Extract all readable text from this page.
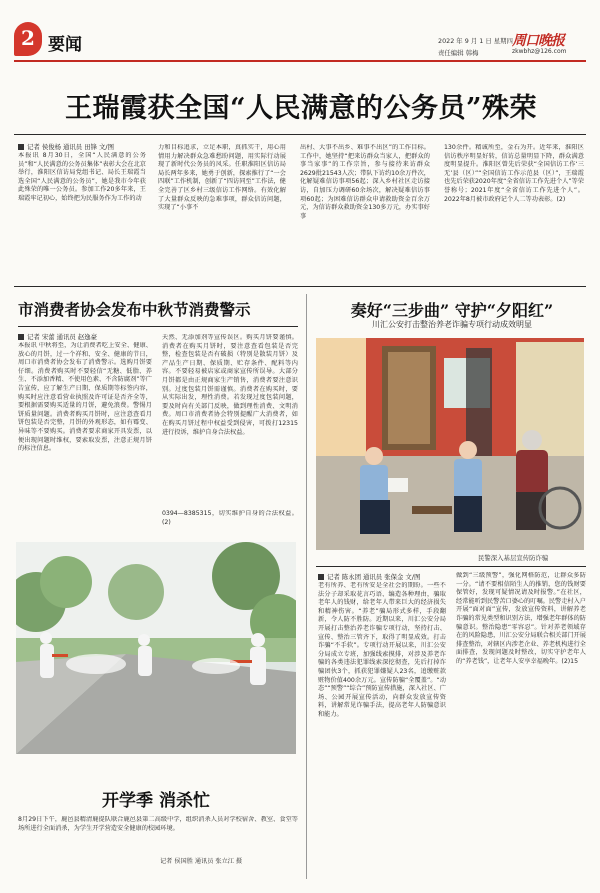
2 要闻	2022 年 9 月 1 日 星期四
责任编辑 韩梅
周口晚报
zkwbhz@126.com
王瑞霞获全国“人民满意的公务员”殊荣
记者 侯俊杨 通讯员 田锋 文/图
本报讯 8月30日，全国“人民满意的公务员”和“人民满意的公务员集体”表彰大会在北京举行，淮阳区信访局党组书记、局长王瑞霞当选全国“人民满意的公务员”，她是我市今年获此殊荣的唯一公务员。参加工作20多年来，王瑞霞牢记初心，始终把为民服务作为工作的动
力和目标追求，立足本职，真抓实干，用心用情用力解决群众急难愁盼问题，用实际行动展现了新时代公务员的风采。任职淮阳区信访局局长两年多来，她勇于创新，探索推行了“一会四联”工作机制，创新了“四访同至”工作法，健全完善了区乡村三级信访工作网络。有效化解了大量群众反映的急难事项，群众信访问题，实现了“小事不
出村、大事不出乡、难事不出区”的工作目标。工作中，她坚持“把来访群众当家人，把群众的事当家事”的工作宗旨，参与接待来访群众2629批21543人次；带队下访约10余万件次，化解疑难信访事项56起；深入乡村社区走访接访，自加压力调研60余场次，解决疑难信访事项60起；为困难信访群众申请救助资金百余万元，为信访群众救助资金130多万元，办实事好事
130余件。精诚所至，金石为开。近年来，淮阳区信访秩序明显好转，信访总量明显下降，群众满意度明显提升。淮阳区曾先后荣获“全国信访工作‘三无’县（区）”“全国信访工作示范县（区）”，王瑞霞也先后荣获2020年度“全省信访工作先进个人”等荣誉称号；2021年度“全省信访工作先进个人”。2022年8月被市政府记个人二等功表彰。(2)
市消费者协会发布中秋节消费警示
记者 宋蕾 通讯员 赵逸豪
本报讯 中秋将至，为让消费者吃上安全、健康、放心的月饼，过一个祥和、安全、健康的节日，周口市消费者协会发布了消费警示。选购月饼要仔细。消费者购买时不要轻信“无糖、低脂、养生、不添加香精、不使用色素、不含防腐剂”等广告宣传，应了解生产日期、保质期等标签内容，购买时应注意看营业执照及许可证是否齐全等，要根据需要购买适量的月饼，避免浪费。警惕月饼质量问题。消费者购买月饼时，应注意查看月饼包装是否完整，月饼的外观形态，如有霉变、异味等不要购买。消费者要求商家开具发票，以便出现问题时维权，要索取发票，注意正规月饼的标注信息。
天然、无添加剂等宣传误区。购买月饼要谨慎。消费者在购买月饼时，要注意查看包装是否完整，检查包装是否有破损（特别是散装月饼）及产品生产日期、保质期、贮存条件、配料等内容。不要轻易被店家或商家宣传所误导。大部分月饼都是由正规商家生产销售，消费者要注意识别。过度包装月饼需谨慎。消费者在购买时，要从实际出发，理性消费。若发现过度包装问题，要及时向有关部门反映，做到理性消费、文明消费。周口市消费者协会特别提醒广大消费者，如在购买月饼过程中权益受到侵害，可拨打12315进行投诉，维护自身合法权益。
0394—8385315，切实维护自身的合法权益。(2)
奏好“三步曲” 守护“夕阳红”
川汇公安打击整治养老诈骗专项行动成效明显
民警深入基层宣传防诈骗
记者 陈永团 通讯员 张保金 文/图
老有所养、老有所安是全社会的期盼。一些不法分子却采取花言巧语、编造各种理由，骗取老年人的钱财，给老年人带来巨大的经济损失和精神伤害。“养老”骗局形式多样，手段翻新，令人防不胜防。近期以来，川汇公安分局开展打击整治养老诈骗专项行动，坚持打击、宣传、整治三管齐下，取得了明显成效。打击诈骗“不手软”。专项行动开展以来，川汇公安分局成立专班，加强线索摸排，对涉及养老诈骗的各类违法犯罪线索深挖彻查，先后打掉诈骗团伙3个，抓获犯罪嫌疑人23名，追缴赃款赃物价值400余万元。宣传防骗“全覆盖”。“动态”“预警”“综合”预防宣传措施，深入社区、广场、公园开展宣传活动，向群众发放宣传资料，讲解常见诈骗手法，提高老年人防骗意识和能力。
做到“三级预警”，强化网格防范，让群众多防一分。“请不要相信陌生人的推销，您的钱财要保管好，发现可疑情况请及时报警。”在社区，经常能听到民警苦口婆心的叮嘱。民警走村入户开展“面对面”宣传，发放宣传资料，讲解养老诈骗的常见类型和识别方法，增强老年群体的防骗意识。整治隐患“零容忍”。针对养老领域存在的风险隐患，川汇公安分局联合相关部门开展排查整治，对辖区内涉老企业、养老机构进行全面排查，发现问题及时整改，切实守护老年人的“养老钱”，让老年人安享幸福晚年。(2)15
开学季 消杀忙
8月29日下午，鹿邑县精清鹿提队联合鹿邑县第二高级中学，组织消杀人员对学校宿舍、教室、食堂等场所进行全面消杀，为学生开学营造安全健康的校园环境。
记者 侯国胜 通讯员 张立江 摄
